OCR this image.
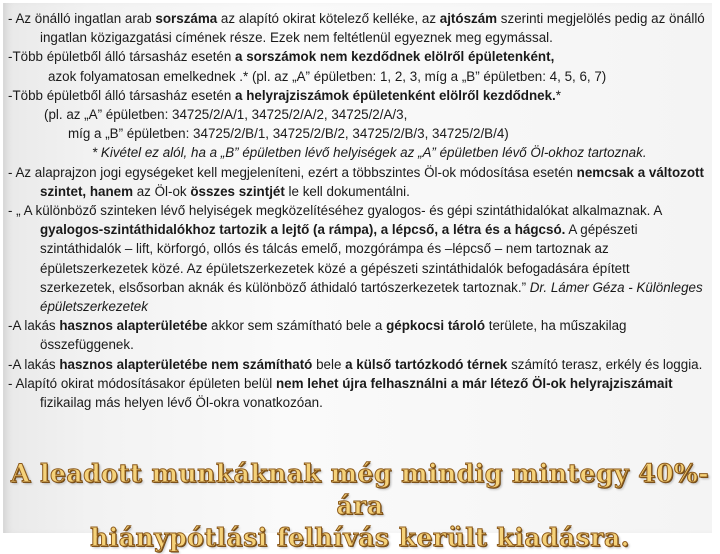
- Az önálló ingatlan arab sorszáma az alapító okirat kötelező kelléke, az ajtószám szerinti megjelölés pedig az önálló ingatlan közigazgatási címének része. Ezek nem feltétlenül egyeznek meg egymással.

-Több épületből álló társasház esetén a sorszámok nem kezdődnek elölről épületenként,
azok folyamatosan emelkednek .* (pl. az „A” épületben: 1, 2, 3, míg a „B” épületben: 4, 5, 6, 7)

-Több épületből álló társasház esetén a helyrajziszámok épületenként elölről kezdődnek.*
(pl. az „A” épületben: 34725/2/A/1, 34725/2/A/2, 34725/2/A/3,
míg a „B” épületben: 34725/2/B/1, 34725/2/B/2, 34725/2/B/3, 34725/2/B/4)

* Kivétel ez alól, ha a „B” épületben lévő helyiségek az „A” épületben lévő Öl-okhoz tartoznak.

- Az alaprajzon jogi egységeket kell megjeleníteni, ezért a többszintes Öl-ok módosítása esetén nemcsak a változott szintet, hanem az Öl-ok összes szintjét le kell dokumentálni.

- „ A különböző szinteken lévő helyiségek megközelítéséhez gyalogos- és gépi szintáthidalókat alkalmaznak. A gyalogos-szintáthidalókhoz tartozik a lejtő (a rámpa), a lépcső, a létra és a hágcsó. A gépészeti szintáthidalók – lift, körforgó, ollós és tálcás emelő, mozgórámpa és –lépcső – nem tartoznak az épületszerkezetek közé. Az épületszerkezetek közé a gépészeti szintáthidalók befogadására épített szerkezetek, elsősorban aknák és különböző áthidaló tartószerkezetek tartoznak.” Dr. Lámer Géza - Különleges épületszerkezetek

-A lakás hasznos alapterületébe akkor sem számítható bele a gépkocsi tároló területe, ha műszakilag összefüggenek.

-A lakás hasznos alapterületébe nem számítható bele a külső tartózkodó térnek számító terasz, erkély és loggia.

- Alapító okirat módosításakor épületen belül nem lehet újra felhasználni a már létező Öl-ok helyrajziszámait fizikailag más helyen lévő Öl-okra vonatkozóan.

A leadott munkáknak még mindig mintegy 40%-ára
hiánypótlási felhívás került kiadásra.
